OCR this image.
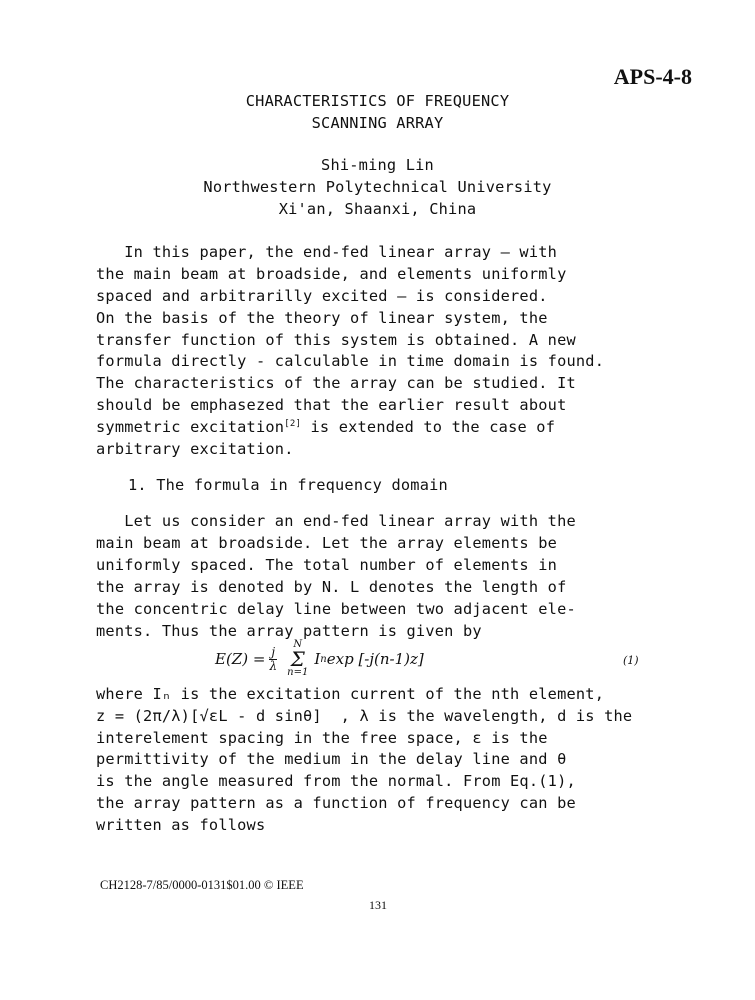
APS-4-8
CHARACTERISTICS OF FREQUENCY
SCANNING ARRAY
Shi-ming Lin
Northwestern Polytechnical University
Xi'an, Shaanxi, China
In this paper, the end-fed linear array — with
the main beam at broadside, and elements uniformly
spaced and arbitrarilly excited — is considered.
On the basis of the theory of linear system, the
transfer function of this system is obtained. A new
formula directly - calculable in time domain is found.
The characteristics of the array can be studied. It
should be emphasezed that the earlier result about
symmetric excitation[2] is extended to the case of
arbitrary excitation.
1. The formula in frequency domain
Let us consider an end-fed linear array with the
main beam at broadside. Let the array elements be
uniformly spaced. The total number of elements in
the array is denoted by N. L denotes the length of
the concentric delay line between two adjacent ele-
ments. Thus the array pattern is given by
$E(Z) = \frac{j}{\lambda}$
N
Σ
n=1
I n exp [-j(n-1)z]	(1)
where Iₙ is the excitation current of the nth element,
z = (2π/λ)[√εL - d sinθ]  , λ is the wavelength, d is the
interelement spacing in the free space, ε is the
permittivity of the medium in the delay line and θ
is the angle measured from the normal. From Eq.(1),
the array pattern as a function of frequency can be
written as follows
CH2128-7/85/0000-0131$01.00 © IEEE
131
